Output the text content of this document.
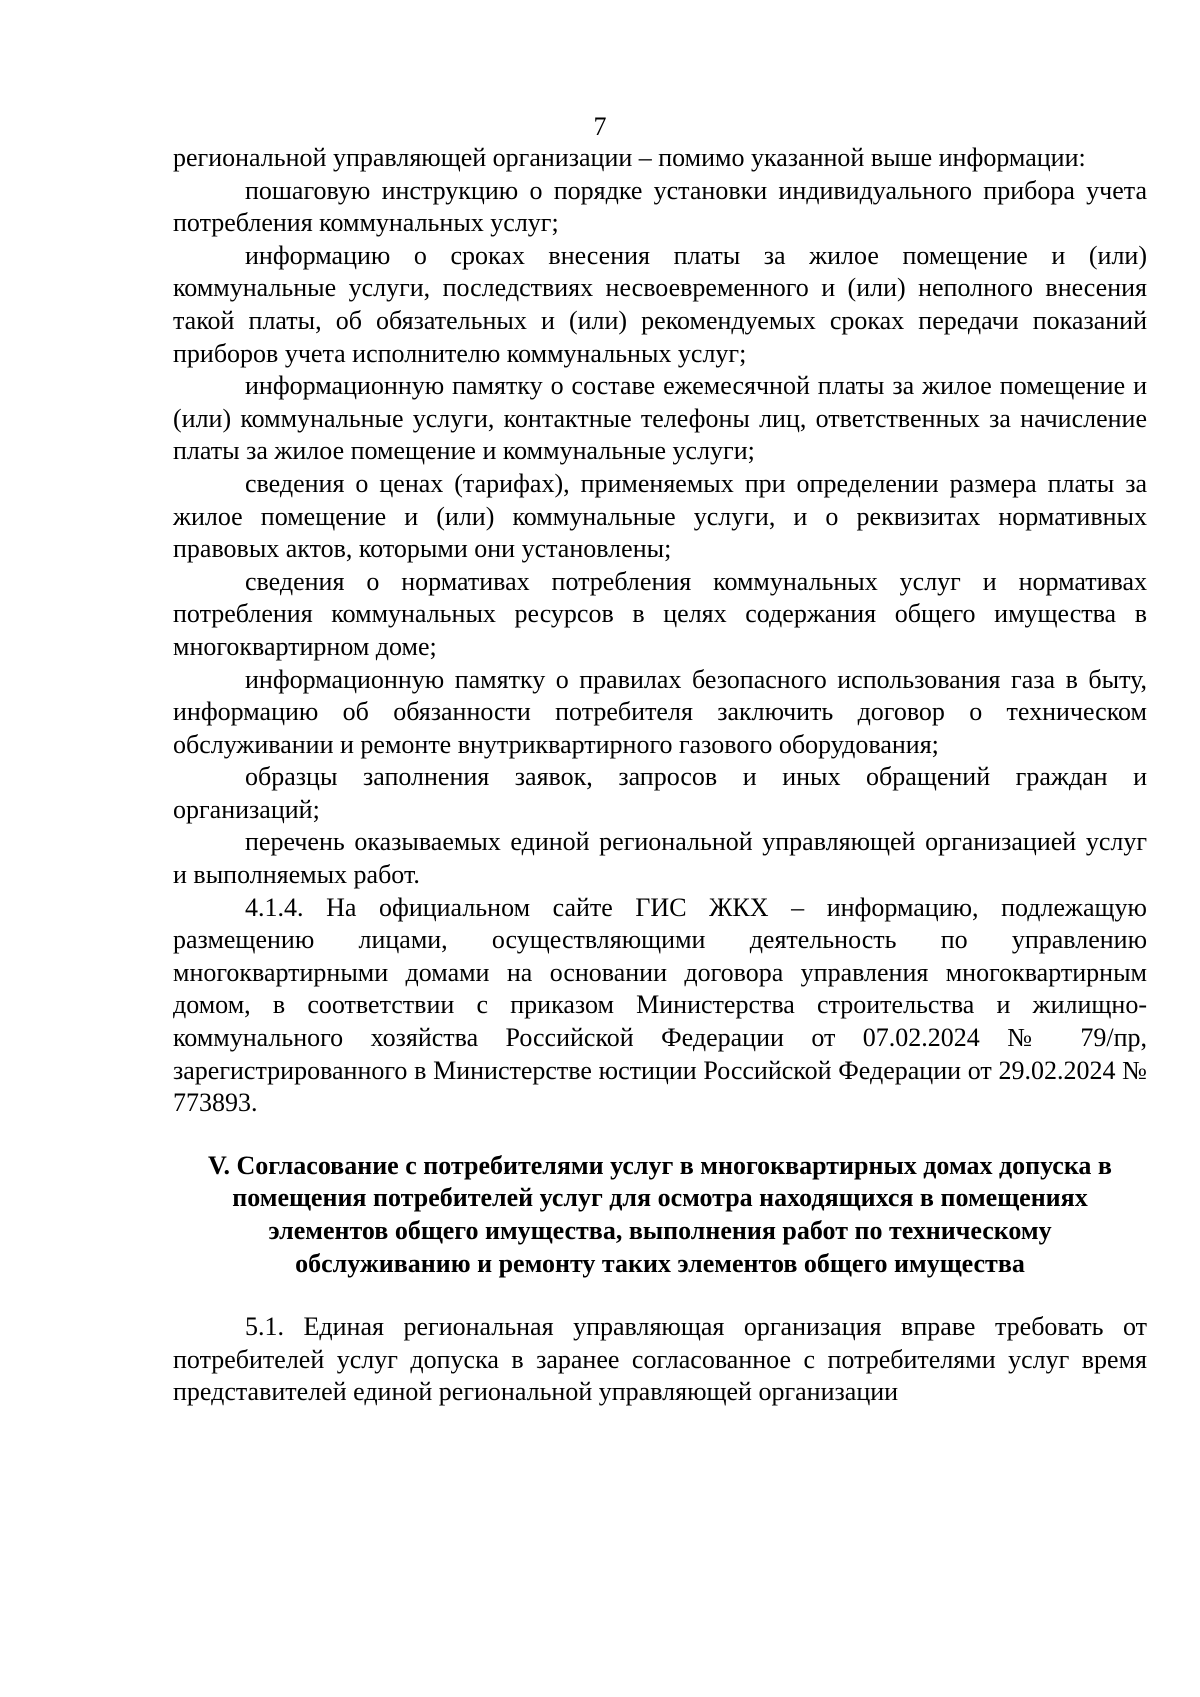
7

региональной управляющей организации – помимо указанной выше информации:

пошаговую инструкцию о порядке установки индивидуального прибора учета потребления коммунальных услуг;

информацию о сроках внесения платы за жилое помещение и (или) коммунальные услуги, последствиях несвоевременного и (или) неполного внесения такой платы, об обязательных и (или) рекомендуемых сроках передачи показаний приборов учета исполнителю коммунальных услуг;

информационную памятку о составе ежемесячной платы за жилое помещение и (или) коммунальные услуги, контактные телефоны лиц, ответственных за начисление платы за жилое помещение и коммунальные услуги;

сведения о ценах (тарифах), применяемых при определении размера платы за жилое помещение и (или) коммунальные услуги, и о реквизитах нормативных правовых актов, которыми они установлены;

сведения о нормативах потребления коммунальных услуг и нормативах потребления коммунальных ресурсов в целях содержания общего имущества в многоквартирном доме;

информационную памятку о правилах безопасного использования газа в быту, информацию об обязанности потребителя заключить договор о техническом обслуживании и ремонте внутриквартирного газового оборудования;

образцы заполнения заявок, запросов и иных обращений граждан и организаций;

перечень оказываемых единой региональной управляющей организацией услуг и выполняемых работ.

4.1.4. На официальном сайте ГИС ЖКХ – информацию, подлежащую размещению лицами, осуществляющими деятельность по управлению многоквартирными домами на основании договора управления многоквартирным домом, в соответствии с приказом Министерства строительства и жилищно-коммунального хозяйства Российской Федерации от 07.02.2024 № 79/пр, зарегистрированного в Министерстве юстиции Российской Федерации от 29.02.2024 № 773893.

V. Согласование с потребителями услуг в многоквартирных домах допуска в помещения потребителей услуг для осмотра находящихся в помещениях элементов общего имущества, выполнения работ по техническому обслуживанию и ремонту таких элементов общего имущества

5.1. Единая региональная управляющая организация вправе требовать от потребителей услуг допуска в заранее согласованное с потребителями услуг время представителей единой региональной управляющей организации
